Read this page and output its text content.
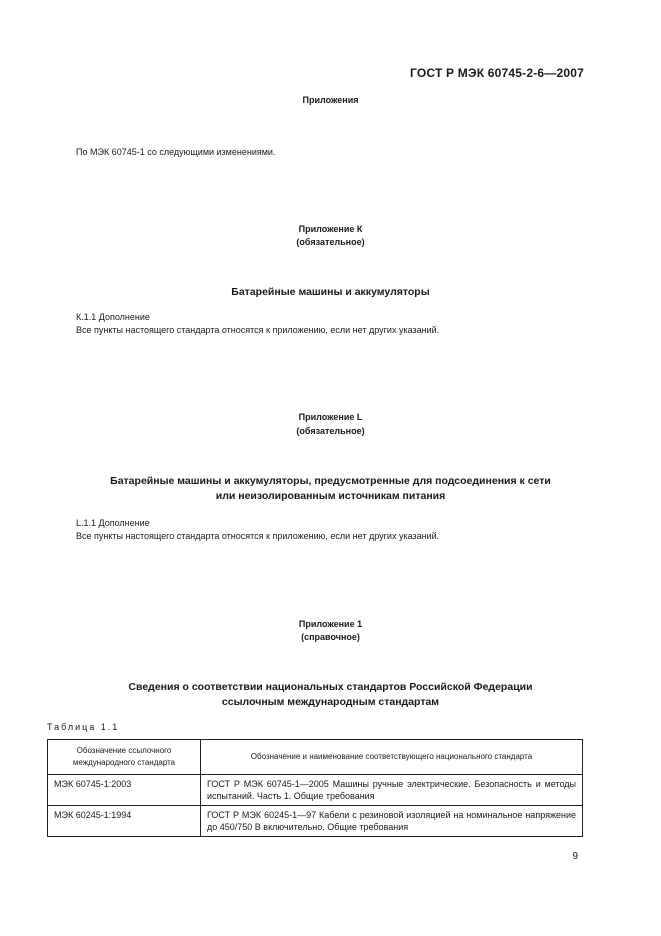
ГОСТ Р МЭК 60745-2-6—2007
Приложения
По МЭК 60745-1 со следующими изменениями.
Приложение К
(обязательное)
Батарейные машины и аккумуляторы
К.1.1 Дополнение
Все пункты настоящего стандарта относятся к приложению, если нет других указаний.
Приложение L
(обязательное)
Батарейные машины и аккумуляторы, предусмотренные для подсоединения к сети
или неизолированным источникам питания
L.1.1 Дополнение
Все пункты настоящего стандарта относятся к приложению, если нет других указаний.
Приложение 1
(справочное)
Сведения о соответствии национальных стандартов Российской Федерации
ссылочным международным стандартам
Таблица 1.1
Обозначение ссылочного
международного стандарта	Обозначение и наименование соответствующего национального стандарта
МЭК 60745-1:2003	ГОСТ Р МЭК 60745-1—2005 Машины ручные электрические. Безопасность и методы испытаний. Часть 1. Общие требования
МЭК 60245-1:1994	ГОСТ Р МЭК 60245-1—97 Кабели с резиновой изоляцией на номинальное напряжение до 450/750 В включительно. Общие требования
9
